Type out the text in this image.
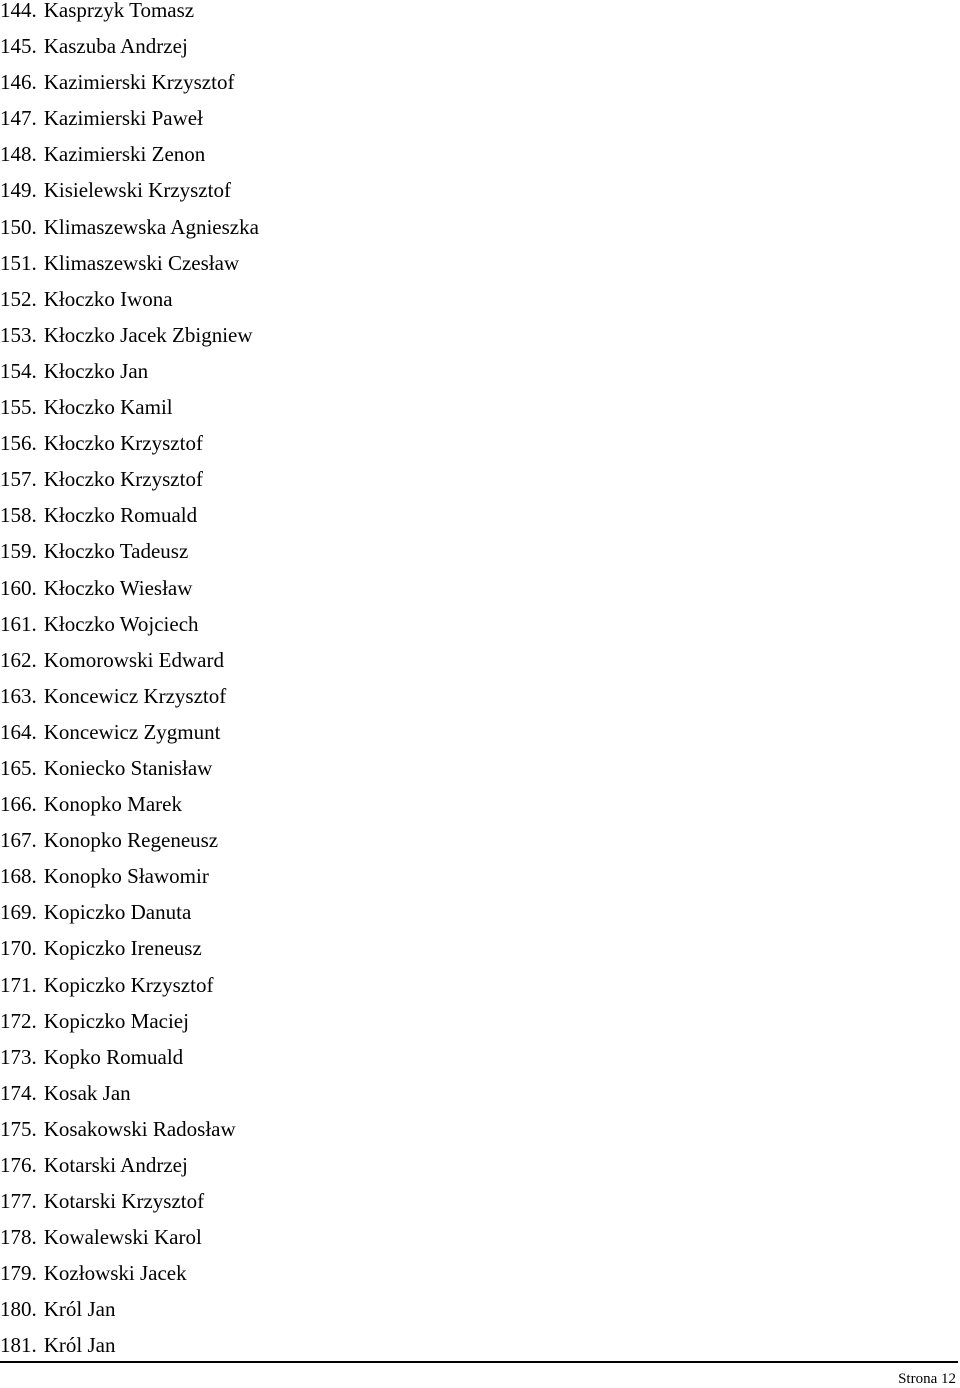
144. Kasprzyk Tomasz
145. Kaszuba Andrzej
146. Kazimierski Krzysztof
147. Kazimierski Paweł
148. Kazimierski Zenon
149. Kisielewski Krzysztof
150. Klimaszewska Agnieszka
151. Klimaszewski Czesław
152. Kłoczko Iwona
153. Kłoczko Jacek Zbigniew
154. Kłoczko Jan
155. Kłoczko Kamil
156. Kłoczko Krzysztof
157. Kłoczko Krzysztof
158. Kłoczko Romuald
159. Kłoczko Tadeusz
160. Kłoczko Wiesław
161. Kłoczko Wojciech
162. Komorowski Edward
163. Koncewicz Krzysztof
164. Koncewicz Zygmunt
165. Koniecko Stanisław
166. Konopko Marek
167. Konopko Regeneusz
168. Konopko Sławomir
169. Kopiczko Danuta
170. Kopiczko Ireneusz
171. Kopiczko Krzysztof
172. Kopiczko Maciej
173. Kopko Romuald
174. Kosak Jan
175. Kosakowski Radosław
176. Kotarski Andrzej
177. Kotarski Krzysztof
178. Kowalewski Karol
179. Kozłowski Jacek
180. Król Jan
181. Król Jan
Strona 12
